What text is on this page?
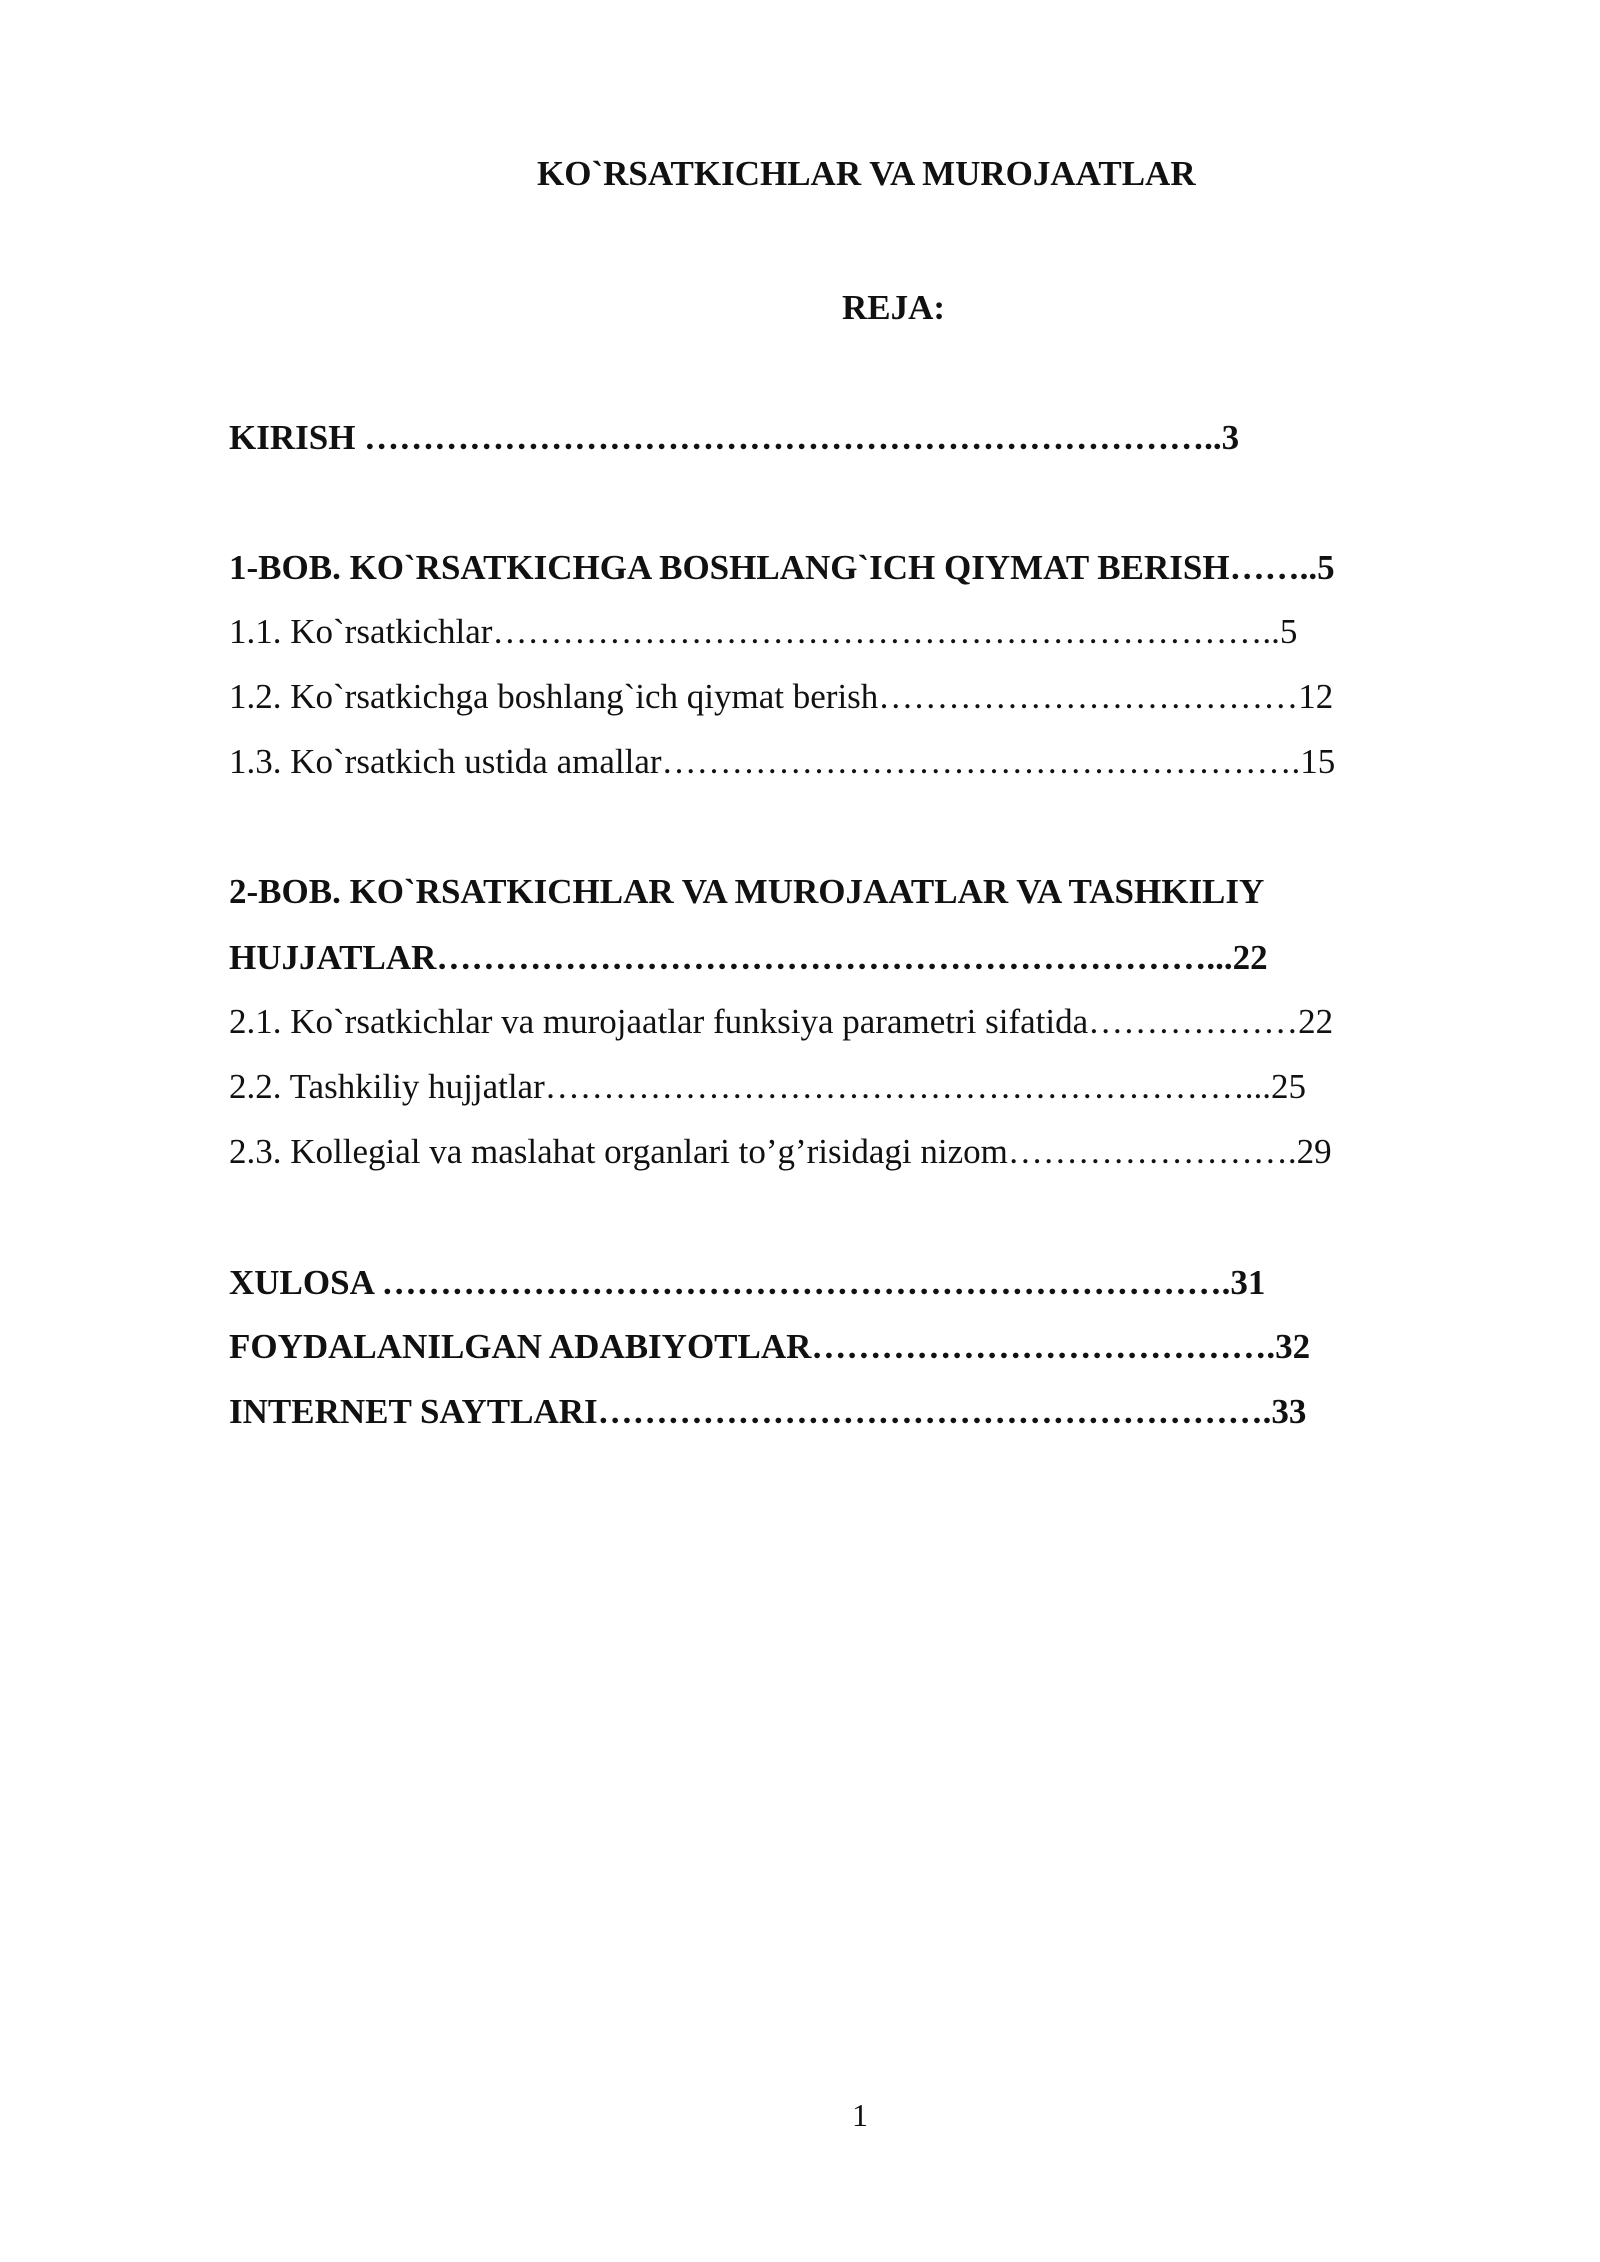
KO`RSATKICHLAR VA MUROJAATLAR
REJA:
KIRISH ………………………………………………………………..3
1-BOB. KO`RSATKICHGA BOSHLANG`ICH QIYMAT BERISH……..5
1.1. Ko`rsatkichlar…………………………………………………………..5
1.2. Ko`rsatkichga boshlang`ich qiymat berish………………………………12
1.3. Ko`rsatkich ustida amallar……………………………………………….15
2-BOB. KO`RSATKICHLAR VA MUROJAATLAR VA TASHKILIY
HUJJATLAR…………………………………………………………...22
2.1. Ko`rsatkichlar va murojaatlar funksiya parametri sifatida………………22
2.2. Tashkiliy hujjatlar……………………………………………………...25
2.3. Kollegial va maslahat organlari to’g’risidagi nizom…………………….29
XULOSA ……………………………………………………………….31
FOYDALANILGAN ADABIYOTLAR………………………………….32
INTERNET SAYTLARI………………………………………………….33
1
